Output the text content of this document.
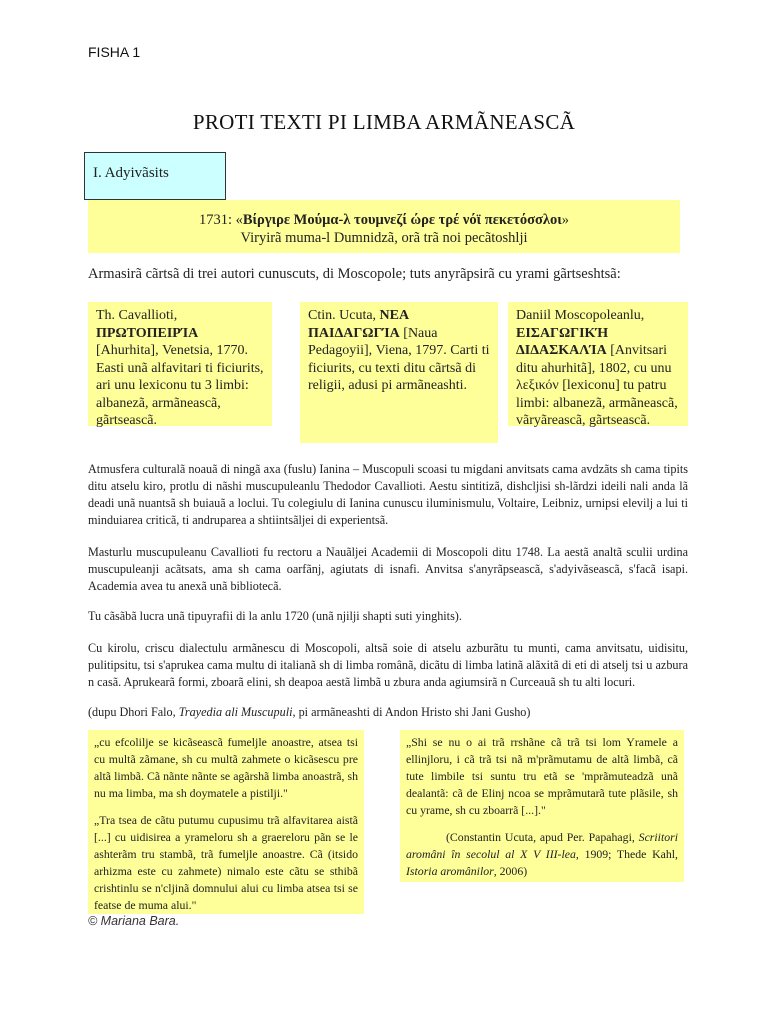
FISHA 1
PROTI TEXTI PI LIMBA ARMÃNEASCÃ
I. Adyivãsits
1731: «Βίργιρε Μούμα-λ τουμνεζί ώρε τρέ νόϊ πεκετόσσλοι»
Viryirã muma-l Dumnidzã, orã trã noi pecãtoshlji
Armasirã cãrtsã di trei autori cunuscuts, di Moscopole; tuts anyrãpsirã cu yrami gãrtseshtsã:
Th. Cavallioti,
ΠΡΩΤΟΠΕΙΡΊΑ
[Ahurhita], Venetsia, 1770. Easti unã alfavitari ti ficiurits, ari unu lexiconu tu 3 limbi: albanezã, armãneascã, gãrtseascã.
Ctin. Ucuta, ΝΕΑ ΠΑΙΔΑΓΩΓΊΑ [Naua Pedagoyii], Viena, 1797. Carti ti ficiurits, cu texti ditu cãrtsã di religii, adusi pi armãneashti.
Daniil Moscopoleanlu,
ΕΙΣΑΓΩΓΙΚΉ ΔΙΔΑΣΚΑΛΊΑ [Anvitsari ditu ahurhitã], 1802, cu unu λεξικόν [lexiconu] tu patru limbi: albanezã, armãneascã, vãryãreascã, gãrtseascã.
Atmusfera culturalã noauã di ningã axa (fuslu) Ianina – Muscopuli scoasi tu migdani anvitsats cama avdzãts sh cama tipits ditu atselu kiro, protlu di nãshi muscupuleanlu Thedodor Cavallioti. Aestu sintitizã, dishcljisi sh-lãrdzi ideili nali anda lã deadi unã nuantsã sh buiauã a loclui. Tu colegiulu di Ianina cunuscu iluminismulu, Voltaire, Leibniz, urnipsi elevilj a lui ti minduiarea criticã, ti andruparea a shtiintsãljei di experientsã.
Masturlu muscupuleanu Cavallioti fu rectoru a Nauãljei Academii di Moscopoli ditu 1748. La aestã analtã sculii urdina muscupuleanji acãtsats, ama sh cama oarfãnj, agiutats di isnafi. Anvitsa s'anyrãpseascã, s'adyivãseascã, s'facã isapi. Academia avea tu anexã unã bibliotecã.
Tu cãsãbã lucra unã tipuyrafii di la anlu 1720 (unã njilji shapti suti yinghits).
Cu kirolu, criscu dialectulu armãnescu di Moscopoli, altsã soie di atselu azburãtu tu munti, cama anvitsatu, uidisitu, pulitipsitu, tsi s'aprukea cama multu di italianã sh di limba românã, dicãtu di limba latinã alãxitã di eti di atselj tsi u azbura n casã. Aprukearã formi, zboarã elini, sh deapoa aestã limbã u zbura anda agiumsirã n Curceauã sh tu alti locuri.
(dupu Dhori Falo, Trayedia ali Muscupuli, pi armãneashti di Andon Hristo shi Jani Gusho)

„cu efcolilje se kicãseascã fumeljle anoastre, atsea tsi cu multã zãmane, sh cu multã zahmete o kicãsescu pre altã limbã. Cã nãnte nãnte se agãrshã limba anoastrã, sh nu ma limba, ma sh doymatele a pistilji."

„Tra tsea de cãtu putumu cupusimu trã alfavitarea aistã [...] cu uidisirea a yrameloru sh a graereloru pãn se le ashterãm tru stambã, trã fumeljle anoastre. Cã (itsido arhizma este cu zahmete) nimalo este cãtu se sthibã crishtinlu se n'cljinã domnului alui cu limba atsea tsi se featse de muma alui."

„Shi se nu o ai trã rrshãne cã trã tsi lom Yramele a ellinjloru, i cã trã tsi nã m'prãmutamu de altã limbã, cã tute limbile tsi suntu tru etã se 'mprãmuteadzã unã dealantã: cã de Elinj ncoa se mprãmutarã tute plãsile, sh cu yrame, sh cu zboarrã [...]."

(Constantin Ucuta, apud Per. Papahagi, Scriitori aromâni în secolul al X V III-lea, 1909; Thede Kahl, Istoria aromânilor, 2006)

© Mariana Bara.
